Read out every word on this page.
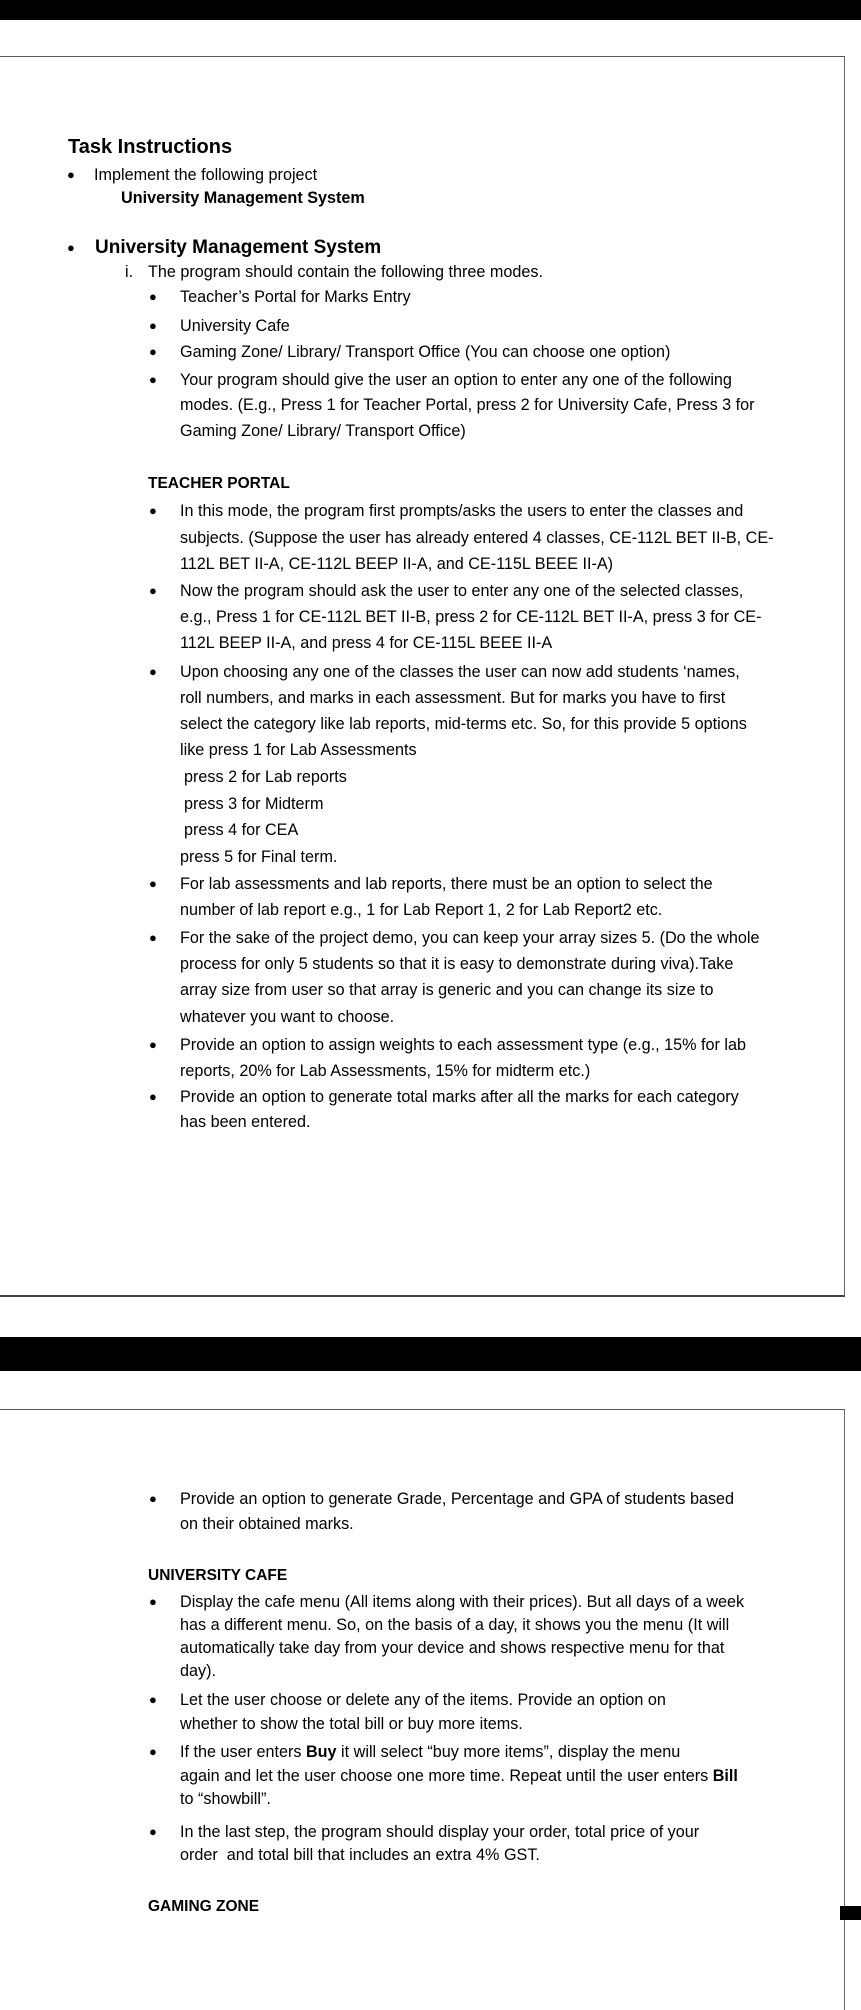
Task Instructions
● Implement the following project
University Management System
● University Management System
i. The program should contain the following three modes.
● Teacher’s Portal for Marks Entry
● University Cafe
● Gaming Zone/ Library/ Transport Office (You can choose one option)
● Your program should give the user an option to enter any one of the following
modes. (E.g., Press 1 for Teacher Portal, press 2 for University Cafe, Press 3 for
Gaming Zone/ Library/ Transport Office)
TEACHER PORTAL
● In this mode, the program first prompts/asks the users to enter the classes and
subjects. (Suppose the user has already entered 4 classes, CE-112L BET II-B, CE-
112L BET II-A, CE-112L BEEP II-A, and CE-115L BEEE II-A)
● Now the program should ask the user to enter any one of the selected classes,
e.g., Press 1 for CE-112L BET II-B, press 2 for CE-112L BET II-A, press 3 for CE-
112L BEEP II-A, and press 4 for CE-115L BEEE II-A
● Upon choosing any one of the classes the user can now add students ‘names,
roll numbers, and marks in each assessment. But for marks you have to first
select the category like lab reports, mid-terms etc. So, for this provide 5 options
like press 1 for Lab Assessments
press 2 for Lab reports
press 3 for Midterm
press 4 for CEA
press 5 for Final term.
● For lab assessments and lab reports, there must be an option to select the
number of lab report e.g., 1 for Lab Report 1, 2 for Lab Report2 etc.
● For the sake of the project demo, you can keep your array sizes 5. (Do the whole
process for only 5 students so that it is easy to demonstrate during viva).Take
array size from user so that array is generic and you can change its size to
whatever you want to choose.
● Provide an option to assign weights to each assessment type (e.g., 15% for lab
reports, 20% for Lab Assessments, 15% for midterm etc.)
● Provide an option to generate total marks after all the marks for each category
has been entered.
● Provide an option to generate Grade, Percentage and GPA of students based
on their obtained marks.
UNIVERSITY CAFE
● Display the cafe menu (All items along with their prices). But all days of a week
has a different menu. So, on the basis of a day, it shows you the menu (It will
automatically take day from your device and shows respective menu for that
day).
● Let the user choose or delete any of the items. Provide an option on
whether to show the total bill or buy more items.
● If the user enters Buy it will select “buy more items”, display the menu
again and let the user choose one more time. Repeat until the user enters Bill
to “showbill”.
● In the last step, the program should display your order, total price of your
order  and total bill that includes an extra 4% GST.
GAMING ZONE
